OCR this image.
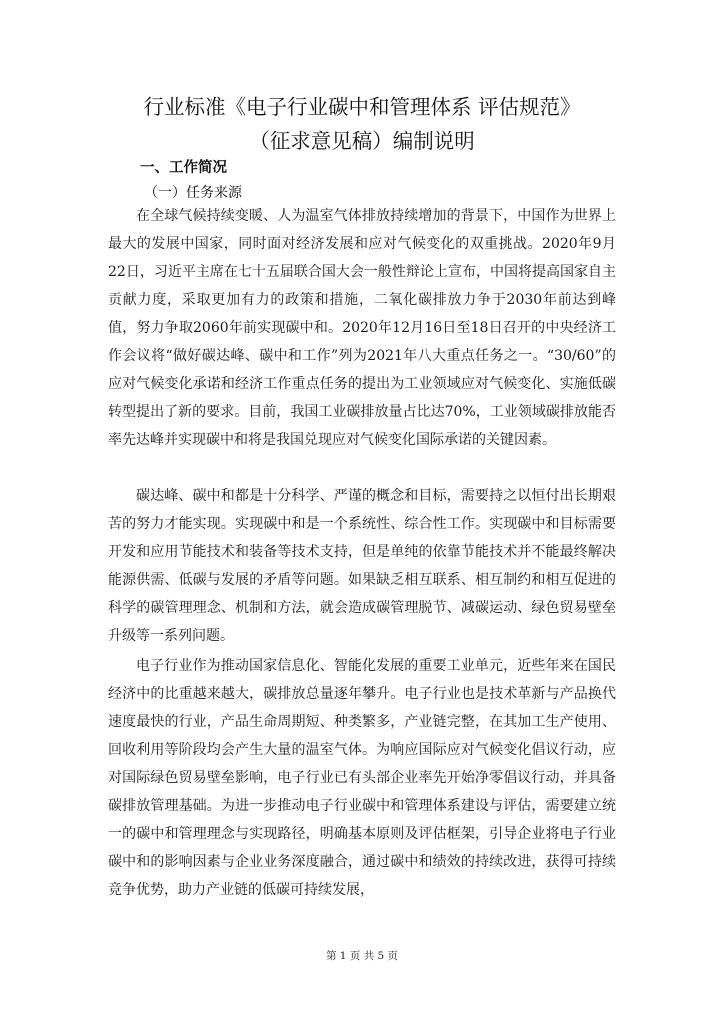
行业标准《电子行业碳中和管理体系 评估规范》
（征求意见稿）编制说明
一、工作简况
（一）任务来源

在全球气候持续变暖、人为温室气体排放持续增加的背景下，中国作为世界上最大的发展中国家，同时面对经济发展和应对气候变化的双重挑战。2020年9月22日，习近平主席在七十五届联合国大会一般性辩论上宣布，中国将提高国家自主贡献力度，采取更加有力的政策和措施，二氧化碳排放力争于2030年前达到峰值，努力争取2060年前实现碳中和。2020年12月16日至18日召开的中央经济工作会议将“做好碳达峰、碳中和工作”列为2021年八大重点任务之一。“30/60”的应对气候变化承诺和经济工作重点任务的提出为工业领域应对气候变化、实施低碳转型提出了新的要求。目前，我国工业碳排放量占比达70%，工业领域碳排放能否率先达峰并实现碳中和将是我国兑现应对气候变化国际承诺的关键因素。

碳达峰、碳中和都是十分科学、严谨的概念和目标，需要持之以恒付出长期艰苦的努力才能实现。实现碳中和是一个系统性、综合性工作。实现碳中和目标需要开发和应用节能技术和装备等技术支持，但是单纯的依靠节能技术并不能最终解决能源供需、低碳与发展的矛盾等问题。如果缺乏相互联系、相互制约和相互促进的科学的碳管理理念、机制和方法，就会造成碳管理脱节、减碳运动、绿色贸易壁垒升级等一系列问题。

电子行业作为推动国家信息化、智能化发展的重要工业单元，近些年来在国民经济中的比重越来越大，碳排放总量逐年攀升。电子行业也是技术革新与产品换代速度最快的行业，产品生命周期短、种类繁多，产业链完整，在其加工生产使用、回收利用等阶段均会产生大量的温室气体。为响应国际应对气候变化倡议行动，应对国际绿色贸易壁垒影响，电子行业已有头部企业率先开始净零倡议行动，并具备碳排放管理基础。为进一步推动电子行业碳中和管理体系建设与评估，需要建立统一的碳中和管理理念与实现路径，明确基本原则及评估框架，引导企业将电子行业碳中和的影响因素与企业业务深度融合，通过碳中和绩效的持续改进，获得可持续竞争优势，助力产业链的低碳可持续发展，

第 1 页 共 5 页
